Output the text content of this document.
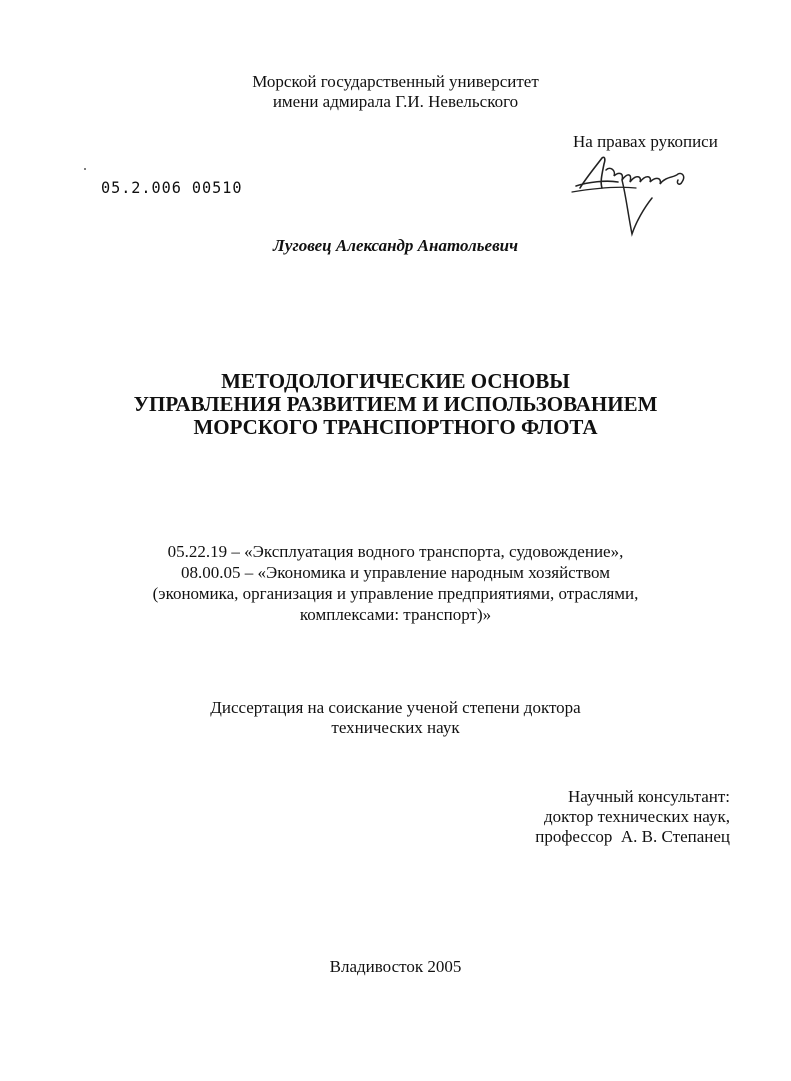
Морской государственный университет
имени адмирала Г.И. Невельского
На правах рукописи
05.2.006 00510
Луговец Александр Анатольевич
МЕТОДОЛОГИЧЕСКИЕ ОСНОВЫ
УПРАВЛЕНИЯ РАЗВИТИЕМ И ИСПОЛЬЗОВАНИЕМ
МОРСКОГО ТРАНСПОРТНОГО ФЛОТА
05.22.19 – «Эксплуатация водного транспорта, судовождение»,
08.00.05 – «Экономика и управление народным хозяйством
(экономика, организация и управление предприятиями, отраслями,
комплексами: транспорт)»
Диссертация на соискание ученой степени доктора
технических наук
Научный консультант:
доктор технических наук,
профессор  А. В. Степанец
Владивосток 2005
